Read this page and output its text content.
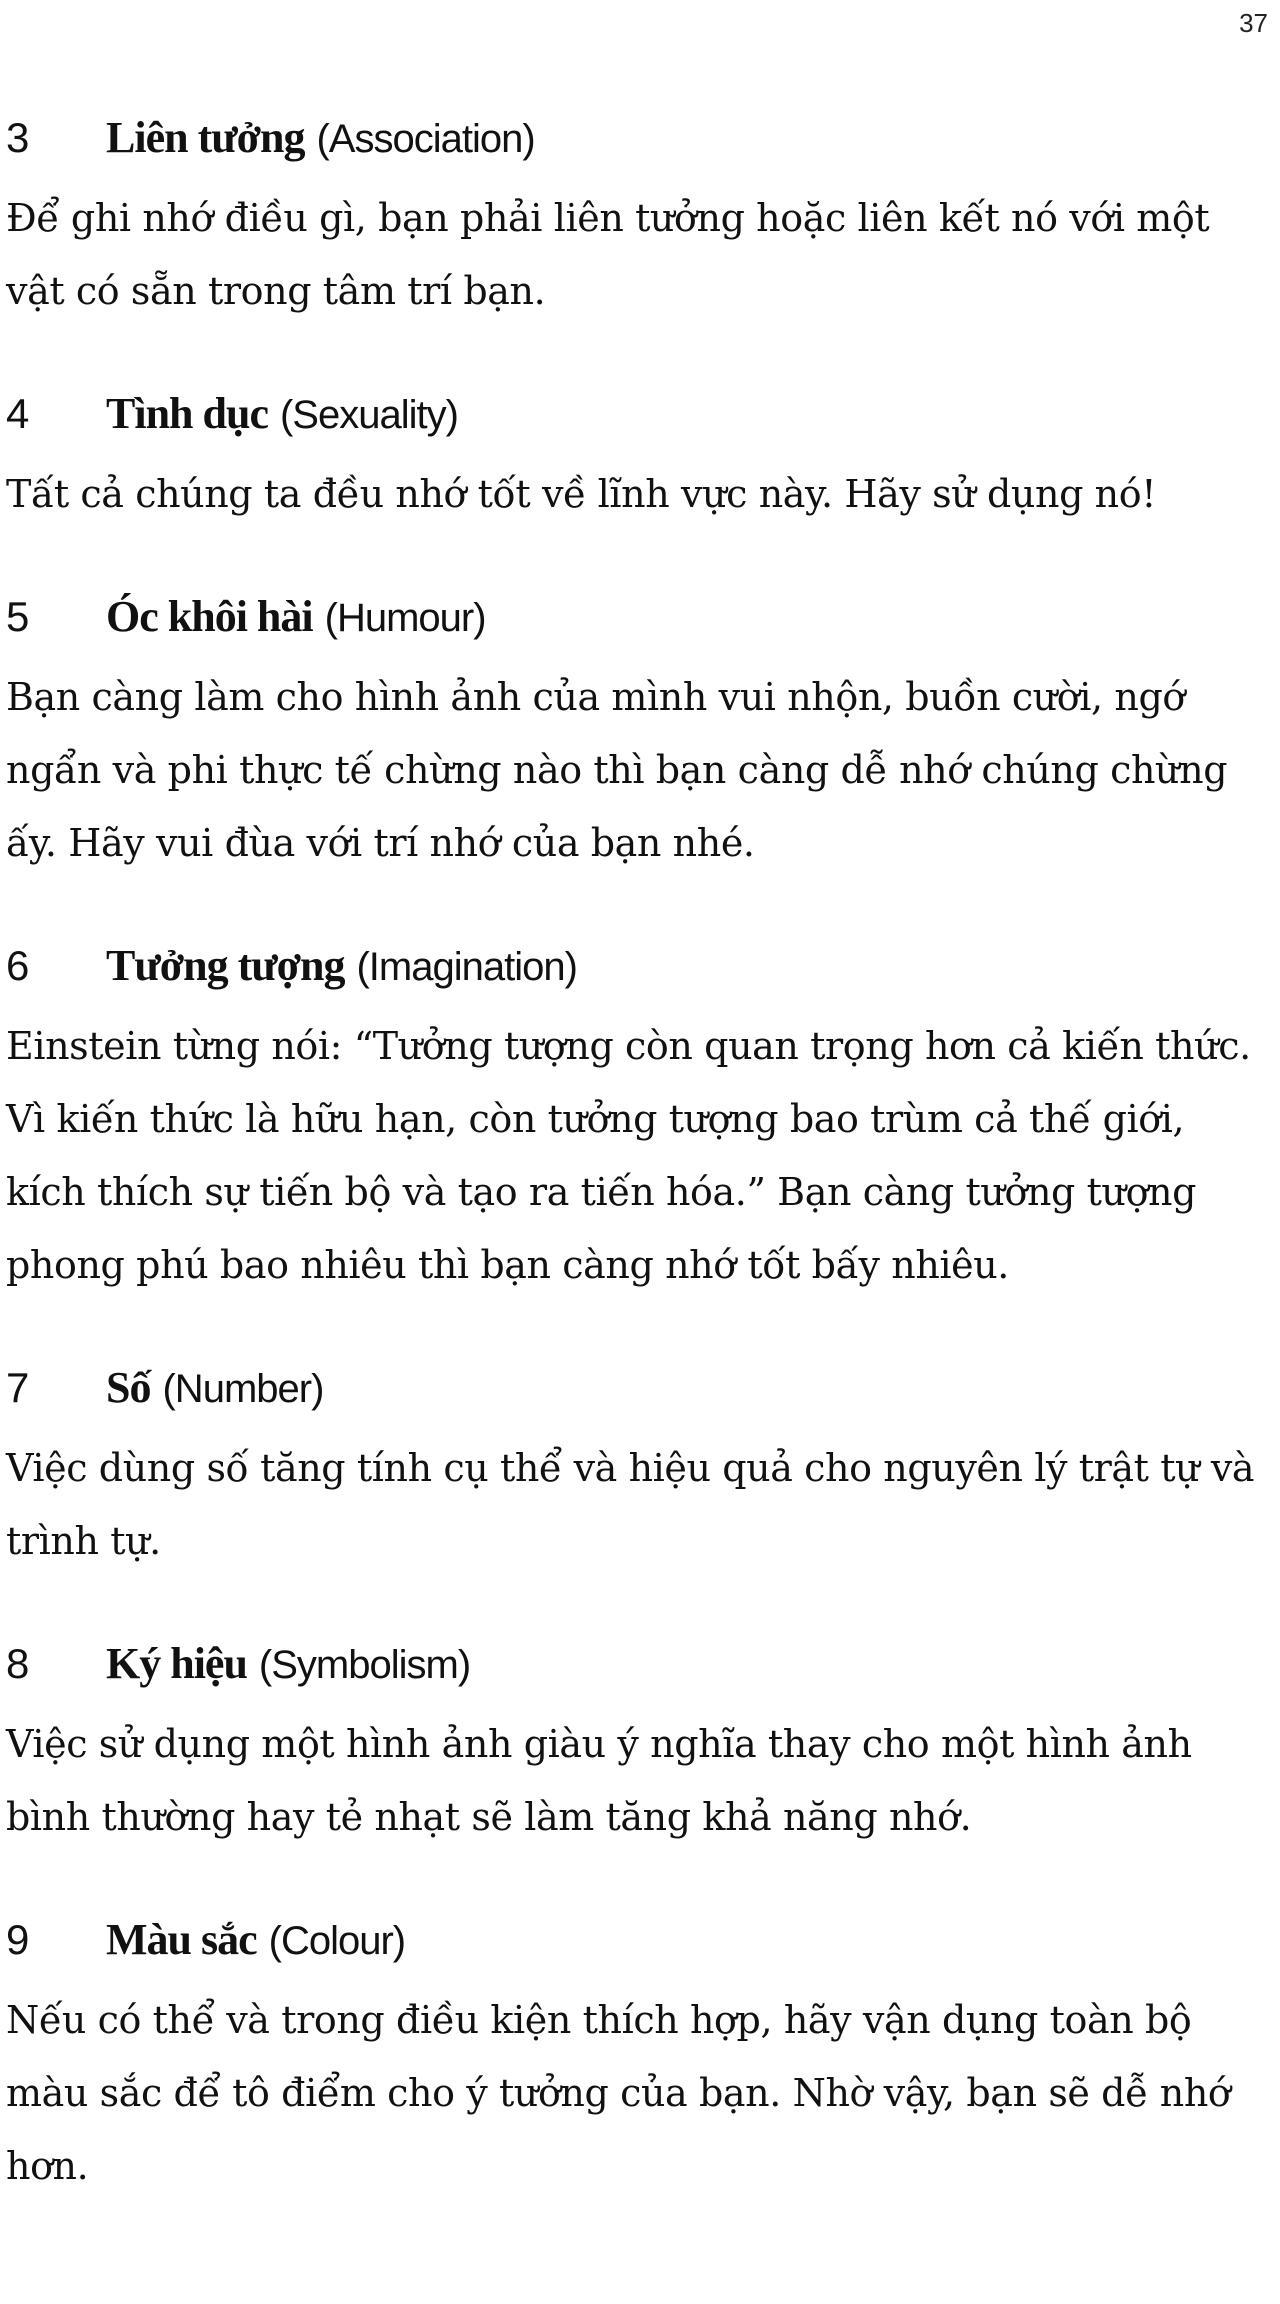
37
3	Liên tưởng (Association)

Để ghi nhớ điều gì, bạn phải liên tưởng hoặc liên kết nó với một vật có sẵn trong tâm trí bạn.

4	Tình dục (Sexuality)

Tất cả chúng ta đều nhớ tốt về lĩnh vực này. Hãy sử dụng nó!

5	Óc khôi hài (Humour)

Bạn càng làm cho hình ảnh của mình vui nhộn, buồn cười, ngớ ngẩn và phi thực tế chừng nào thì bạn càng dễ nhớ chúng chừng ấy. Hãy vui đùa với trí nhớ của bạn nhé.

6	Tưởng tượng (Imagination)

Einstein từng nói: “Tưởng tượng còn quan trọng hơn cả kiến thức. Vì kiến thức là hữu hạn, còn tưởng tượng bao trùm cả thế giới, kích thích sự tiến bộ và tạo ra tiến hóa.” Bạn càng tưởng tượng phong phú bao nhiêu thì bạn càng nhớ tốt bấy nhiêu.

7	Số (Number)

Việc dùng số tăng tính cụ thể và hiệu quả cho nguyên lý trật tự và trình tự.

8	Ký hiệu (Symbolism)

Việc sử dụng một hình ảnh giàu ý nghĩa thay cho một hình ảnh bình thường hay tẻ nhạt sẽ làm tăng khả năng nhớ.

9	Màu sắc (Colour)

Nếu có thể và trong điều kiện thích hợp, hãy vận dụng toàn bộ màu sắc để tô điểm cho ý tưởng của bạn. Nhờ vậy, bạn sẽ dễ nhớ hơn.
